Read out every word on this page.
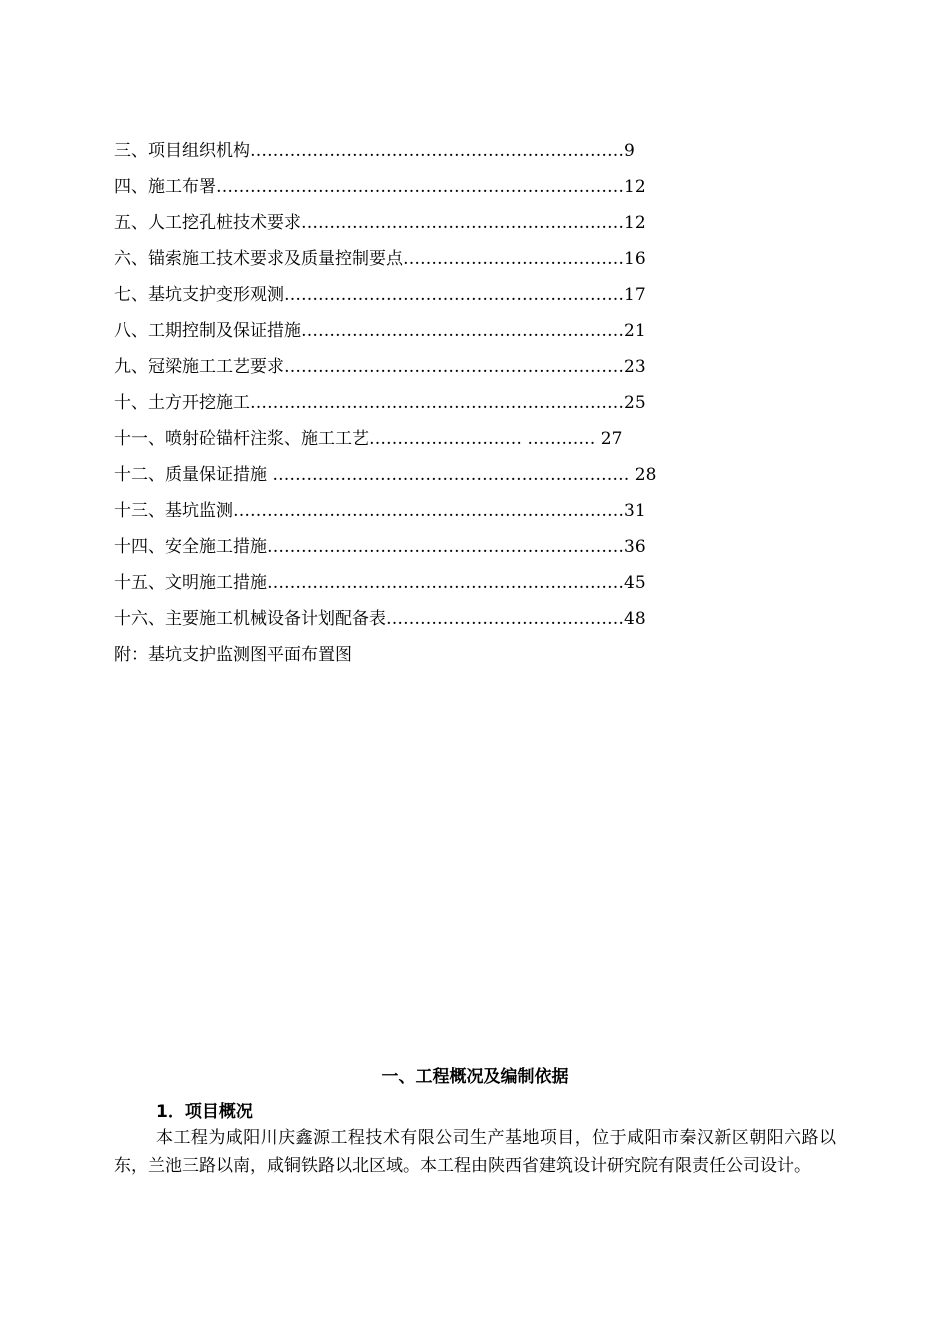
三、项目组织机构…………………………………………………………9
四、施工布署………………………………………………………………12
五、人工挖孔桩技术要求…………………………………………………12
六、锚索施工技术要求及质量控制要点…………………………………16
七、基坑支护变形观测……………………………………………………17
八、工期控制及保证措施…………………………………………………21
九、冠梁施工工艺要求……………………………………………………23
十、土方开挖施工…………………………………………………………25
十一、喷射砼锚杆注浆、施工工艺……………………… ………… 27
十二、质量保证措施 ……………………………………………………… 28
十三、基坑监测……………………………………………………………31
十四、安全施工措施………………………………………………………36
十五、文明施工措施………………………………………………………45
十六、主要施工机械设备计划配备表……………………………………48
附：基坑支护监测图平面布置图
一、工程概况及编制依据
1．项目概况
本工程为咸阳川庆鑫源工程技术有限公司生产基地项目，位于咸阳市秦汉新区朝阳六路以东，兰池三路以南，咸铜铁路以北区域。本工程由陕西省建筑设计研究院有限责任公司设计。
